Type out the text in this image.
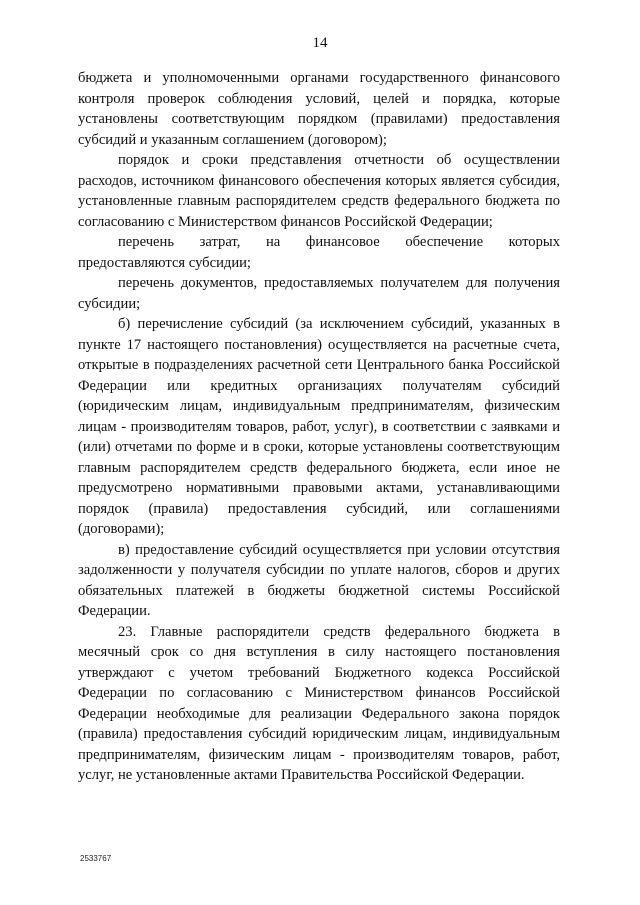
14

бюджета и уполномоченными органами государственного финансового контроля проверок соблюдения условий, целей и порядка, которые установлены соответствующим порядком (правилами) предоставления субсидий и указанным соглашением (договором);

порядок и сроки представления отчетности об осуществлении расходов, источником финансового обеспечения которых является субсидия, установленные главным распорядителем средств федерального бюджета по согласованию с Министерством финансов Российской Федерации;

перечень затрат, на финансовое обеспечение которых предоставляются субсидии;

перечень документов, предоставляемых получателем для получения субсидии;

б) перечисление субсидий (за исключением субсидий, указанных в пункте 17 настоящего постановления) осуществляется на расчетные счета, открытые в подразделениях расчетной сети Центрального банка Российской Федерации или кредитных организациях получателям субсидий (юридическим лицам, индивидуальным предпринимателям, физическим лицам - производителям товаров, работ, услуг), в соответствии с заявками и (или) отчетами по форме и в сроки, которые установлены соответствующим главным распорядителем средств федерального бюджета, если иное не предусмотрено нормативными правовыми актами, устанавливающими порядок (правила) предоставления субсидий, или соглашениями (договорами);

в) предоставление субсидий осуществляется при условии отсутствия задолженности у получателя субсидии по уплате налогов, сборов и других обязательных платежей в бюджеты бюджетной системы Российской Федерации.

23. Главные распорядители средств федерального бюджета в месячный срок со дня вступления в силу настоящего постановления утверждают с учетом требований Бюджетного кодекса Российской Федерации по согласованию с Министерством финансов Российской Федерации необходимые для реализации Федерального закона порядок (правила) предоставления субсидий юридическим лицам, индивидуальным предпринимателям, физическим лицам - производителям товаров, работ, услуг, не установленные актами Правительства Российской Федерации.

2533767
